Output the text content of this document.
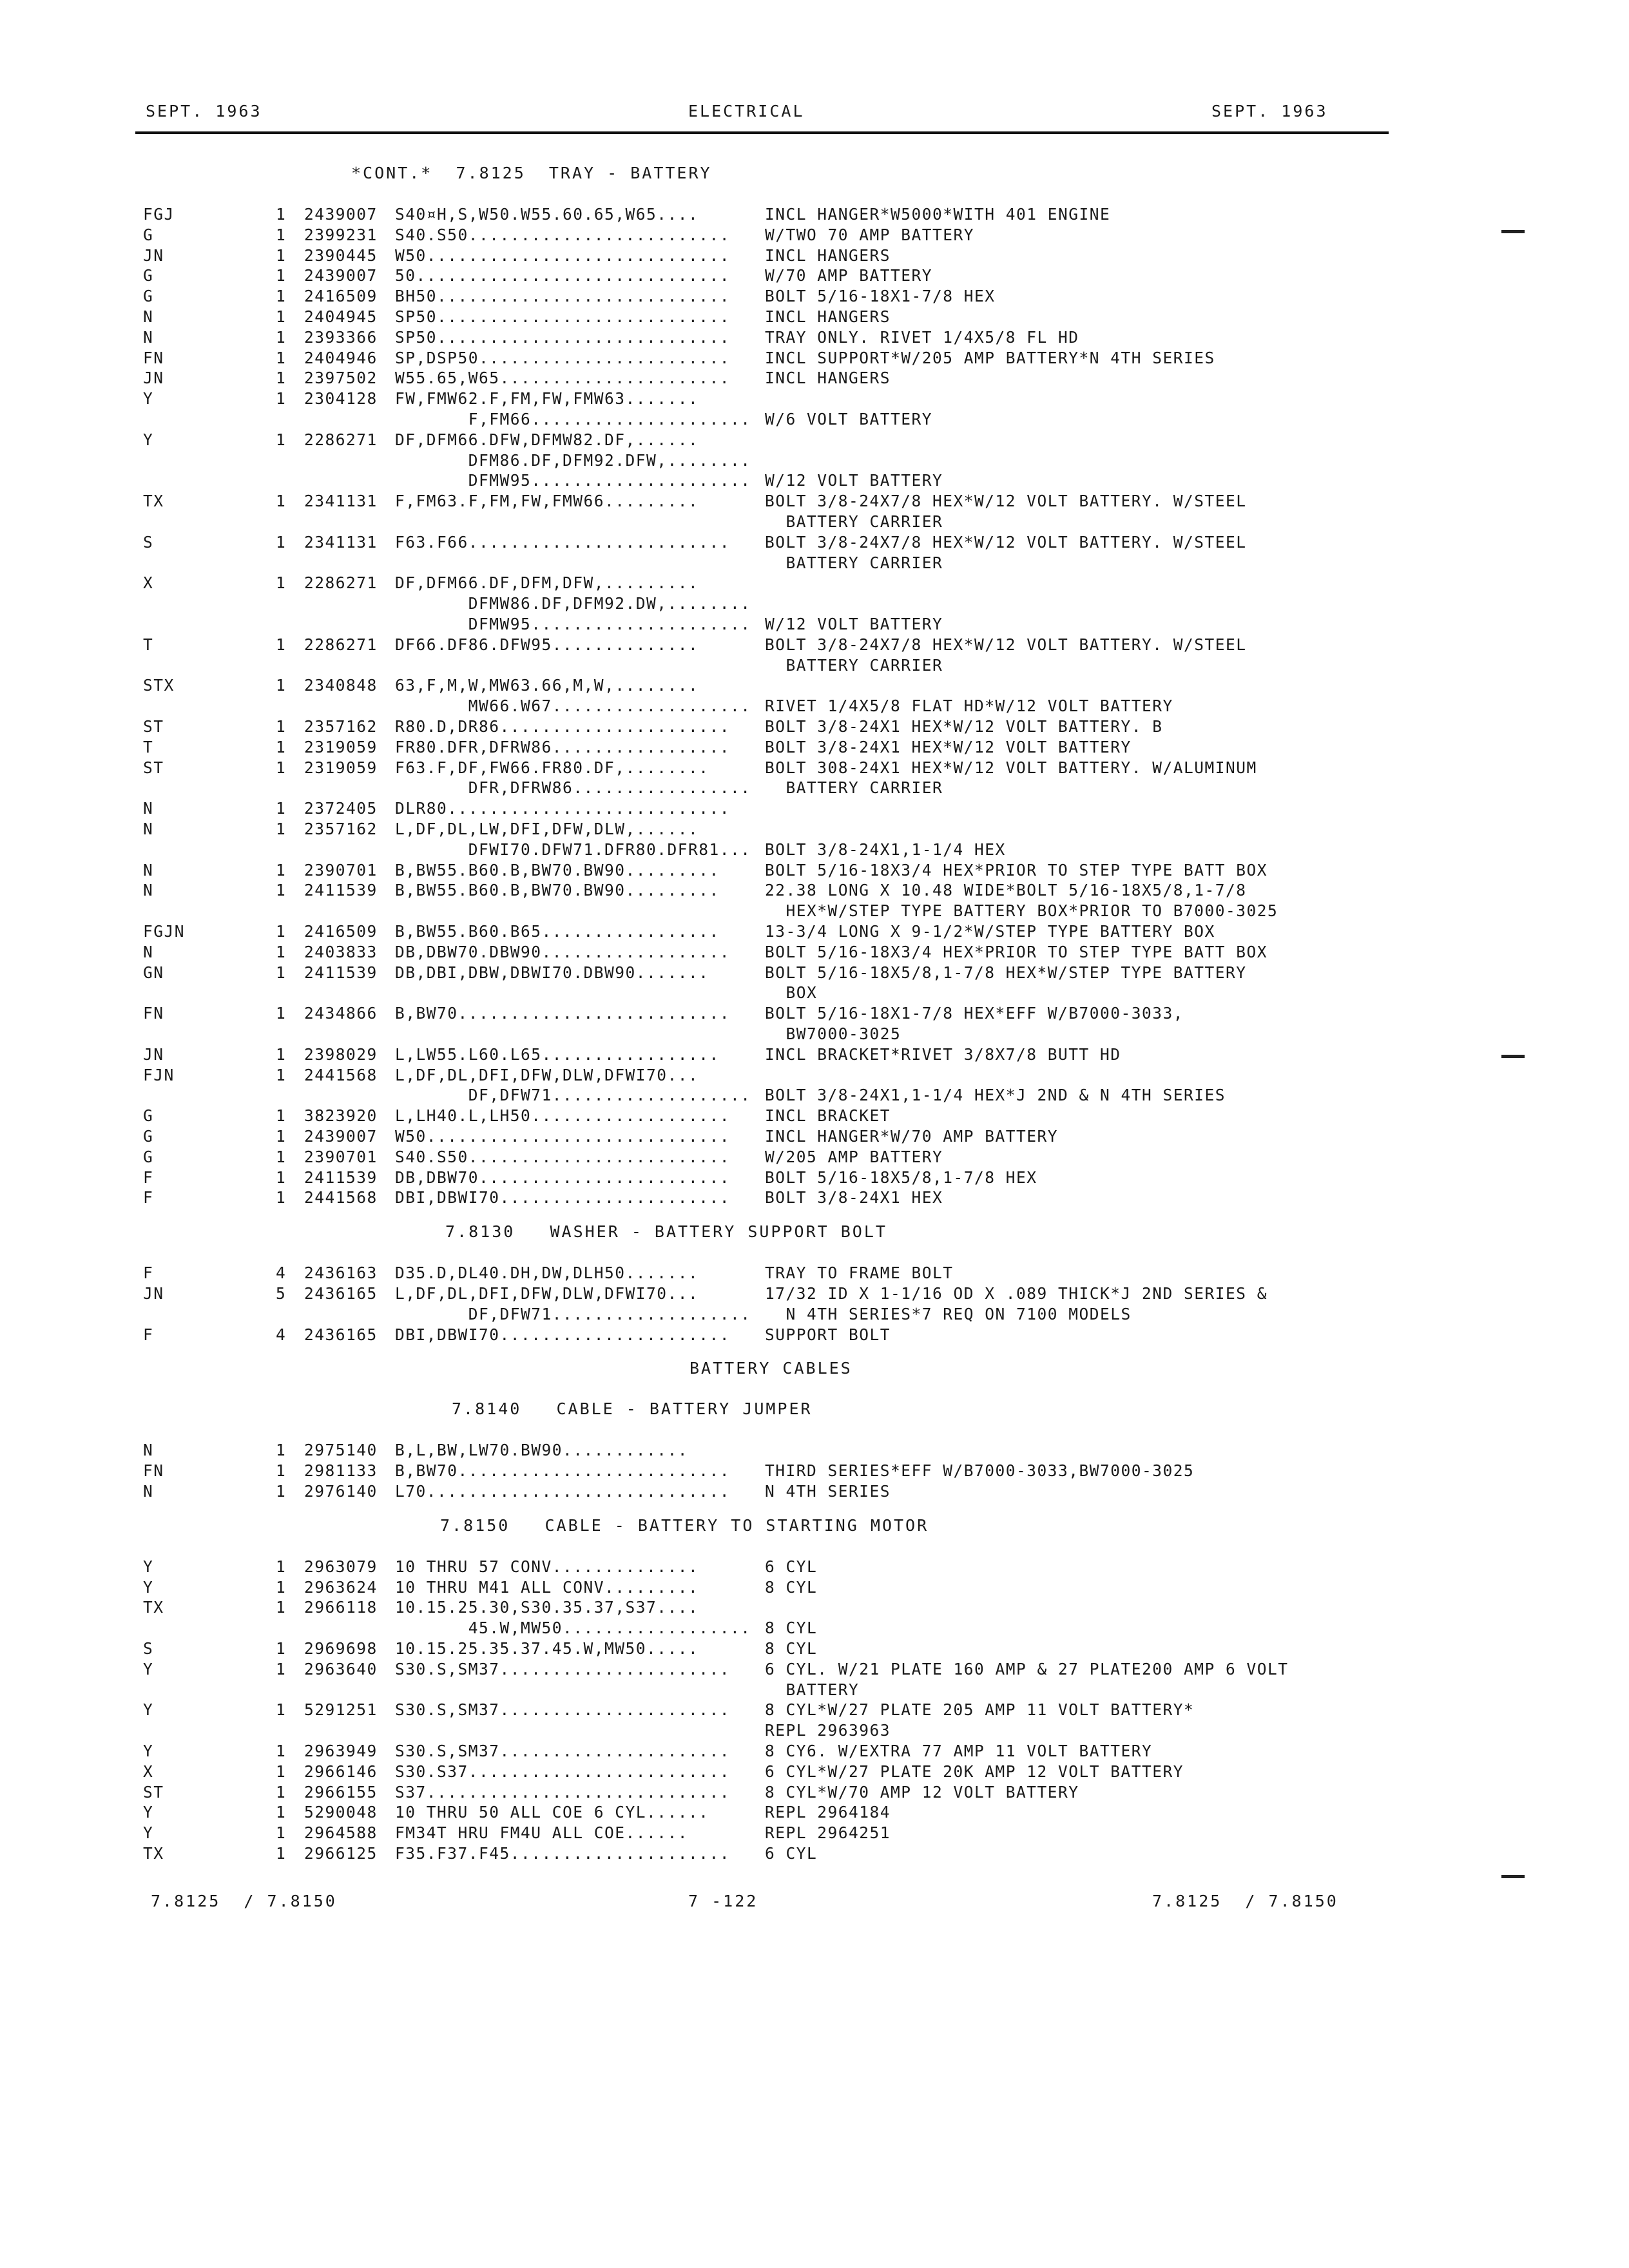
SEPT. 1963	ELECTRICAL	SEPT. 1963
*CONT.*  7.8125  TRAY - BATTERY
FGJ	1 2439007 S40¤H,S,W50.W55.60.65,W65....	INCL HANGER*W5000*WITH 401 ENGINE
G	1 2399231 S40.S50......................... W/TWO 70 AMP BATTERY
JN	1 2390445 W50............................. INCL HANGERS
G	1 2439007 50.............................. W/70 AMP BATTERY
G	1 2416509 BH50............................ BOLT 5/16-18X1-7/8 HEX
N	1 2404945 SP50............................ INCL HANGERS
N	1 2393366 SP50............................ TRAY ONLY. RIVET 1/4X5/8 FL HD
FN	1 2404946 SP,DSP50........................ INCL SUPPORT*W/205 AMP BATTERY*N 4TH SERIES
JN	1 2397502 W55.65,W65...................... INCL HANGERS
Y	1 2304128 FW,FMW62.F,FM,FW,FMW63.......
F,FM66..................... W/6 VOLT BATTERY
Y	1 2286271 DF,DFM66.DFW,DFMW82.DF,......
DFM86.DF,DFM92.DFW,........
DFMW95..................... W/12 VOLT BATTERY
TX	1 2341131 F,FM63.F,FM,FW,FMW66.........	BOLT 3/8-24X7/8 HEX*W/12 VOLT BATTERY. W/STEEL
BATTERY CARRIER
S	1 2341131 F63.F66......................... BOLT 3/8-24X7/8 HEX*W/12 VOLT BATTERY. W/STEEL
BATTERY CARRIER
X	1 2286271 DF,DFM66.DF,DFM,DFW,.........
DFMW86.DF,DFM92.DW,........
DFMW95..................... W/12 VOLT BATTERY
T	1 2286271 DF66.DF86.DFW95..............	BOLT 3/8-24X7/8 HEX*W/12 VOLT BATTERY. W/STEEL
BATTERY CARRIER
STX	1 2340848 63,F,M,W,MW63.66,M,W,........
MW66.W67................... RIVET 1/4X5/8 FLAT HD*W/12 VOLT BATTERY
ST	1 2357162 R80.D,DR86...................... BOLT 3/8-24X1 HEX*W/12 VOLT BATTERY. B
T	1 2319059 FR80.DFR,DFRW86................. BOLT 3/8-24X1 HEX*W/12 VOLT BATTERY
ST	1 2319059 F63.F,DF,FW66.FR80.DF,........	BOLT 308-24X1 HEX*W/12 VOLT BATTERY. W/ALUMINUM
DFR,DFRW86................. BATTERY CARRIER
N	1 2372405 DLR80...........................
N	1 2357162 L,DF,DL,LW,DFI,DFW,DLW,......
DFWI70.DFW71.DFR80.DFR81... BOLT 3/8-24X1,1-1/4 HEX
N	1 2390701 B,BW55.B60.B,BW70.BW90.........	BOLT 5/16-18X3/4 HEX*PRIOR TO STEP TYPE BATT BOX
N	1 2411539 B,BW55.B60.B,BW70.BW90.........	22.38 LONG X 10.48 WIDE*BOLT 5/16-18X5/8,1-7/8
HEX*W/STEP TYPE BATTERY BOX*PRIOR TO B7000-3025
FGJN	1 2416509 B,BW55.B60.B65.................	13-3/4 LONG X 9-1/2*W/STEP TYPE BATTERY BOX
N	1 2403833 DB,DBW70.DBW90.................. BOLT 5/16-18X3/4 HEX*PRIOR TO STEP TYPE BATT BOX
GN	1 2411539 DB,DBI,DBW,DBWI70.DBW90.......	BOLT 5/16-18X5/8,1-7/8 HEX*W/STEP TYPE BATTERY
BOX
FN	1 2434866 B,BW70.......................... BOLT 5/16-18X1-7/8 HEX*EFF W/B7000-3033,
BW7000-3025
JN	1 2398029 L,LW55.L60.L65.................	INCL BRACKET*RIVET 3/8X7/8 BUTT HD
FJN	1 2441568 L,DF,DL,DFI,DFW,DLW,DFWI70...
DF,DFW71................... BOLT 3/8-24X1,1-1/4 HEX*J 2ND & N 4TH SERIES
G	1 3823920 L,LH40.L,LH50................... INCL BRACKET
G	1 2439007 W50............................. INCL HANGER*W/70 AMP BATTERY
G	1 2390701 S40.S50......................... W/205 AMP BATTERY
F	1 2411539 DB,DBW70........................ BOLT 5/16-18X5/8,1-7/8 HEX
F	1 2441568 DBI,DBWI70...................... BOLT 3/8-24X1 HEX
7.8130   WASHER - BATTERY SUPPORT BOLT
F	4 2436163 D35.D,DL40.DH,DW,DLH50.......	TRAY TO FRAME BOLT
JN	5 2436165 L,DF,DL,DFI,DFW,DLW,DFWI70...	17/32 ID X 1-1/16 OD X .089 THICK*J 2ND SERIES &
DF,DFW71................... N 4TH SERIES*7 REQ ON 7100 MODELS
F	4 2436165 DBI,DBWI70...................... SUPPORT BOLT
BATTERY CABLES
7.8140   CABLE - BATTERY JUMPER
N	1 2975140 B,L,BW,LW70.BW90............
FN	1 2981133 B,BW70.......................... THIRD SERIES*EFF W/B7000-3033,BW7000-3025
N	1 2976140 L70............................. N 4TH SERIES
7.8150   CABLE - BATTERY TO STARTING MOTOR
Y	1 2963079 10 THRU 57 CONV..............	6 CYL
Y	1 2963624 10 THRU M41 ALL CONV.........	8 CYL
TX	1 2966118 10.15.25.30,S30.35.37,S37....
45.W,MW50.................. 8 CYL
S	1 2969698 10.15.25.35.37.45.W,MW50.....	8 CYL
Y	1 2963640 S30.S,SM37...................... 6 CYL. W/21 PLATE 160 AMP & 27 PLATE200 AMP 6 VOLT
BATTERY
Y	1 5291251 S30.S,SM37...................... 8 CYL*W/27 PLATE 205 AMP 11 VOLT BATTERY*
REPL 2963963
Y	1 2963949 S30.S,SM37...................... 8 CY6. W/EXTRA 77 AMP 11 VOLT BATTERY
X	1 2966146 S30.S37......................... 6 CYL*W/27 PLATE 20K AMP 12 VOLT BATTERY
ST	1 2966155 S37............................. 8 CYL*W/70 AMP 12 VOLT BATTERY
Y	1 5290048 10 THRU 50 ALL COE 6 CYL......	REPL 2964184
Y	1 2964588 FM34T HRU FM4U ALL COE......	REPL 2964251
TX	1 2966125 F35.F37.F45..................... 6 CYL
7.8125  / 7.8150	7 -122	7.8125  / 7.8150
